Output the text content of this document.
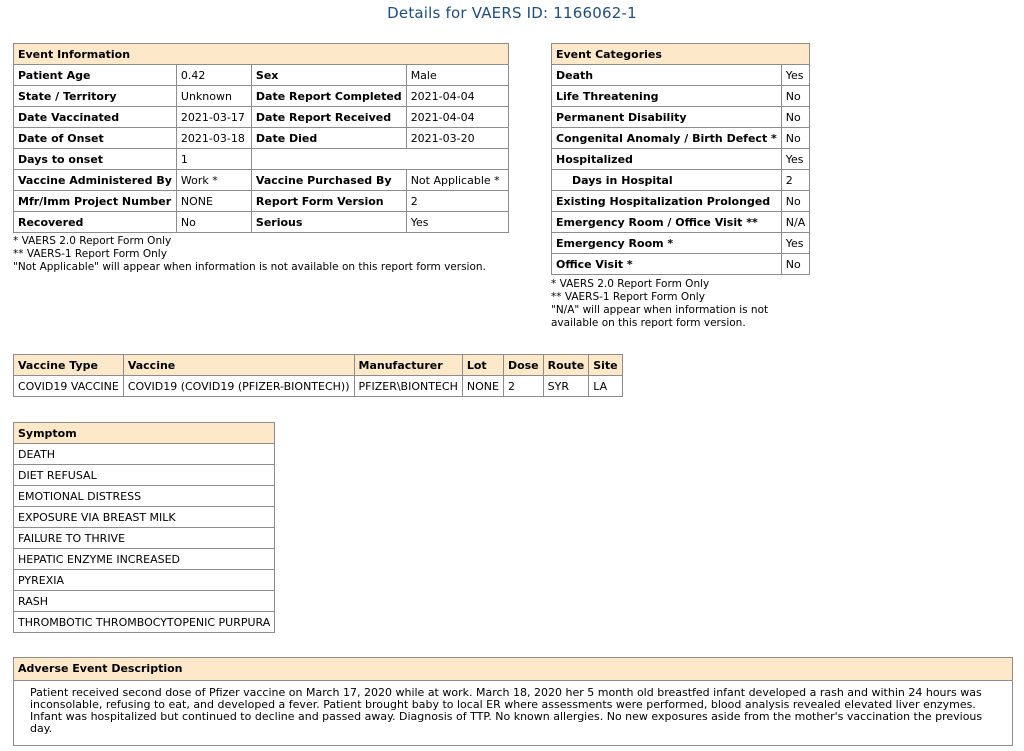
Details for VAERS ID: 1166062-1
Event Information			
Patient Age	0.42	Sex	Male
State / Territory	Unknown	Date Report Completed	2021-04-04
Date Vaccinated	2021-03-17	Date Report Received	2021-04-04
Date of Onset	2021-03-18	Date Died	2021-03-20
Days to onset	1		
Vaccine Administered By	Work *	Vaccine Purchased By	Not Applicable *
Mfr/Imm Project Number	NONE	Report Form Version	2
Recovered	No	Serious	Yes
* VAERS 2.0 Report Form Only
** VAERS-1 Report Form Only
"Not Applicable" will appear when information is not available on this report form version.
Event Categories	
Death	Yes
Life Threatening	No
Permanent Disability	No
Congenital Anomaly / Birth Defect *	No
Hospitalized	Yes
Days in Hospital	2
Existing Hospitalization Prolonged	No
Emergency Room / Office Visit **	N/A
Emergency Room *	Yes
Office Visit *	No
* VAERS 2.0 Report Form Only
** VAERS-1 Report Form Only
"N/A" will appear when information is not
available on this report form version.
Vaccine Type	Vaccine	Manufacturer	Lot	Dose	Route	Site
COVID19 VACCINE	COVID19 (COVID19 (PFIZER-BIONTECH))	PFIZER\BIONTECH	NONE	2	SYR	LA
Symptom
DEATH
DIET REFUSAL
EMOTIONAL DISTRESS
EXPOSURE VIA BREAST MILK
FAILURE TO THRIVE
HEPATIC ENZYME INCREASED
PYREXIA
RASH
THROMBOTIC THROMBOCYTOPENIC PURPURA
Adverse Event Description
Patient received second dose of Pfizer vaccine on March 17, 2020 while at work. March 18, 2020 her 5 month old breastfed infant developed a rash and within 24 hours was inconsolable, refusing to eat, and developed a fever. Patient brought baby to local ER where assessments were performed, blood analysis revealed elevated liver enzymes. Infant was hospitalized but continued to decline and passed away. Diagnosis of TTP. No known allergies. No new exposures aside from the mother's vaccination the previous day.
